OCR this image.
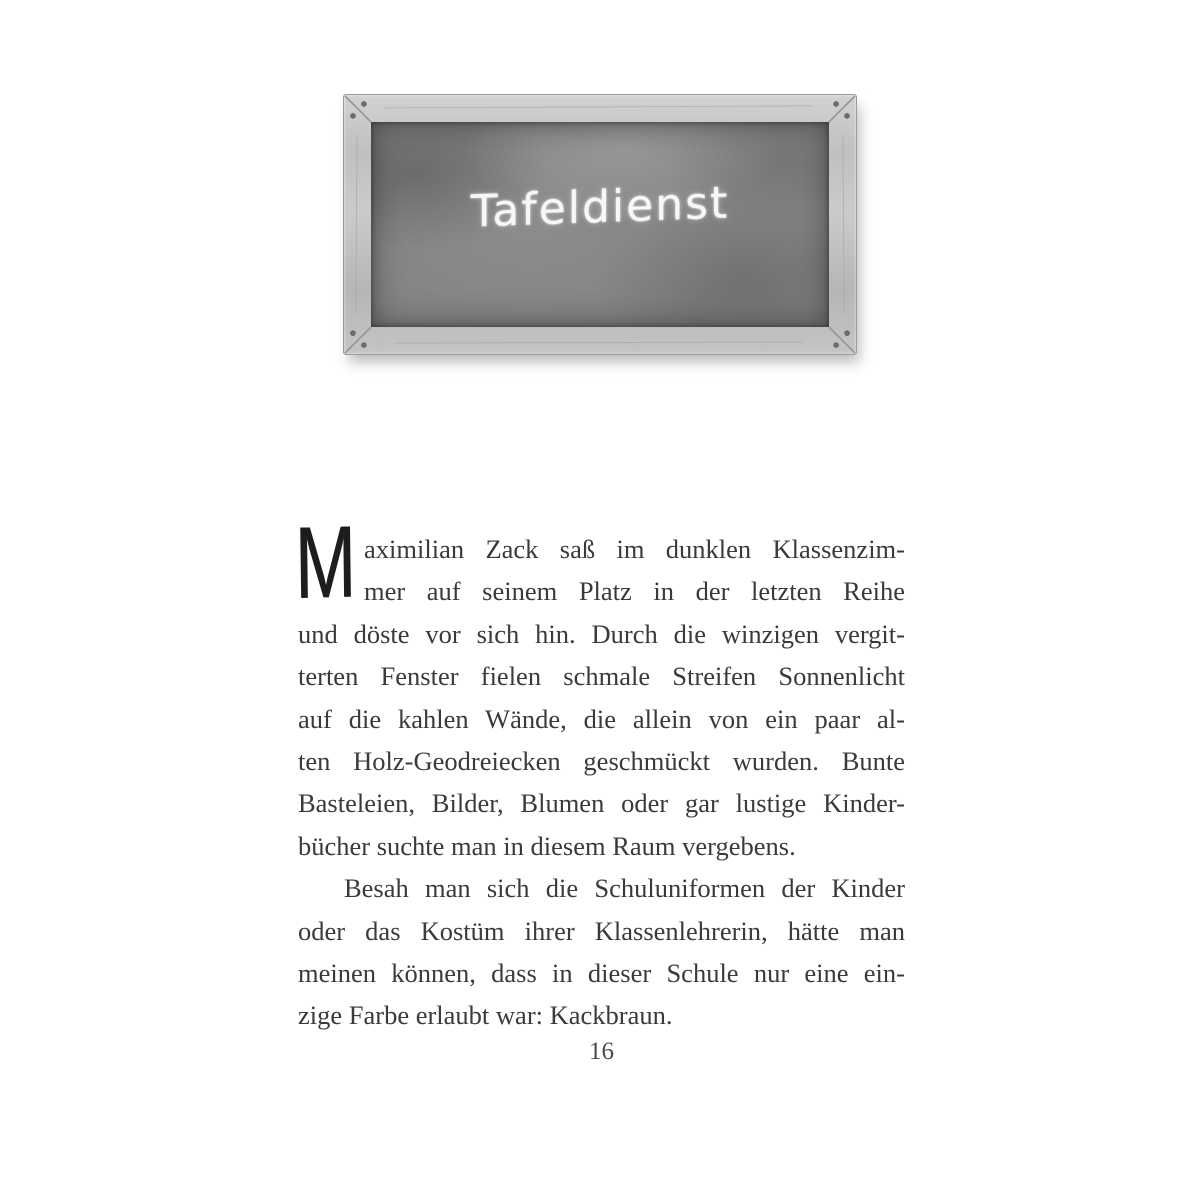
Tafeldienst
M aximilian Zack saß im dunklen Klassenzim-
mer auf seinem Platz in der letzten Reihe
und döste vor sich hin. Durch die winzigen vergit-
terten Fenster fielen schmale Streifen Sonnenlicht
auf die kahlen Wände, die allein von ein paar al-
ten Holz-Geodreiecken geschmückt wurden. Bunte
Basteleien, Bilder, Blumen oder gar lustige Kinder-
bücher suchte man in diesem Raum vergebens.
Besah man sich die Schuluniformen der Kinder
oder das Kostüm ihrer Klassenlehrerin, hätte man
meinen können, dass in dieser Schule nur eine ein-
zige Farbe erlaubt war: Kackbraun.
16
